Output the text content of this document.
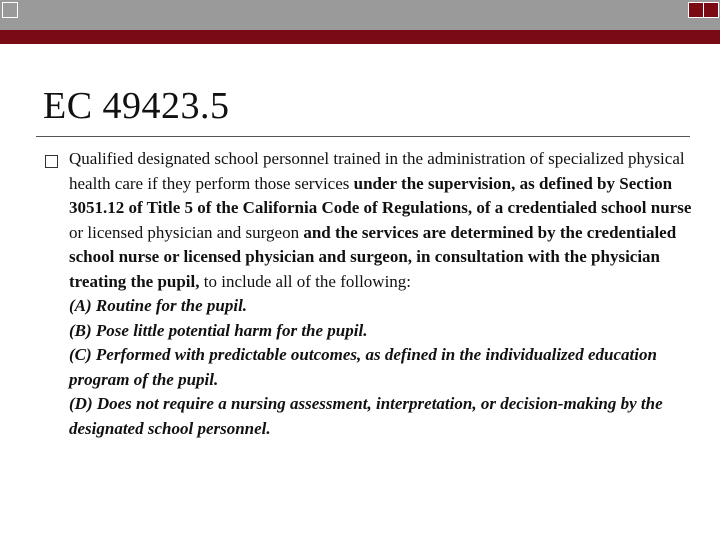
EC 49423.5

Qualified designated school personnel trained in the administration of specialized physical health care if they perform those services under the supervision, as defined by Section 3051.12 of Title 5 of the California Code of Regulations, of a credentialed school nurse or licensed physician and surgeon and the services are determined by the credentialed school nurse or licensed physician and surgeon, in consultation with the physician treating the pupil, to include all of the following:

(A) Routine for the pupil.

(B) Pose little potential harm for the pupil.

(C) Performed with predictable outcomes, as defined in the individualized education program of the pupil.

(D) Does not require a nursing assessment, interpretation, or decision-making by the designated school personnel.
